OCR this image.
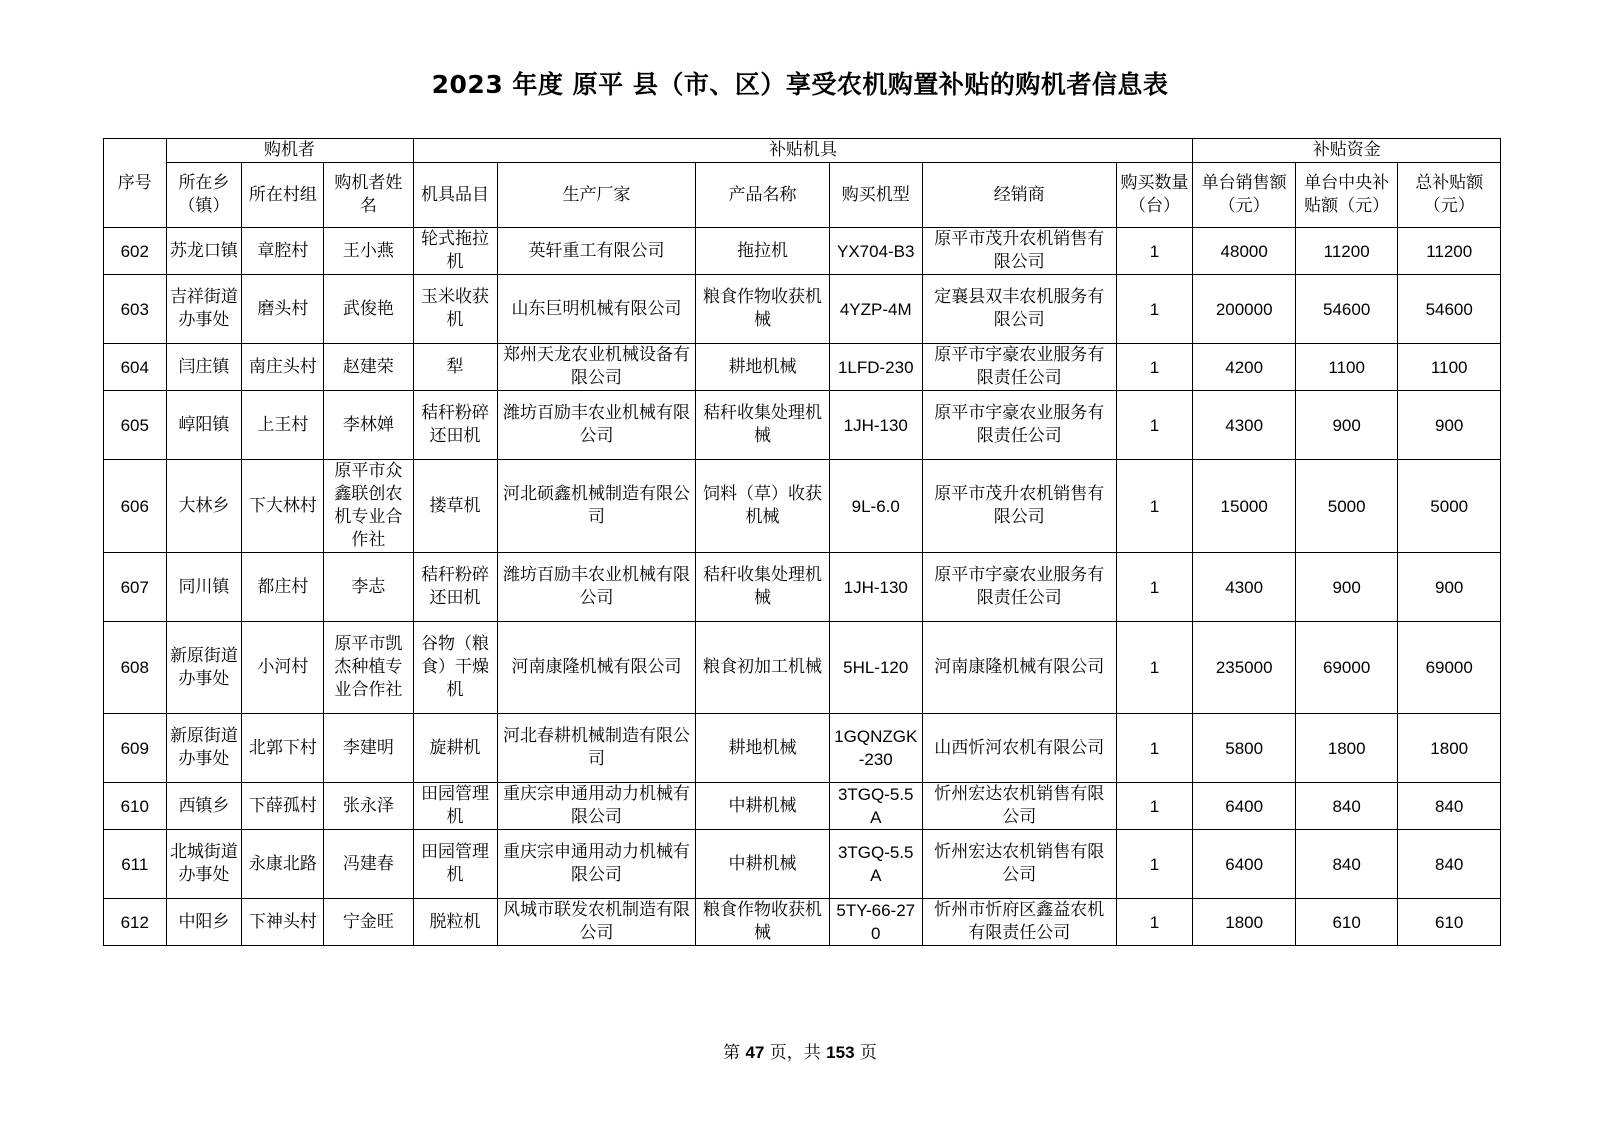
2023 年度 原平 县（市、区）享受农机购置补贴的购机者信息表
序号	购机者			补贴机具						补贴资金		
	所在乡（镇）	所在村组	购机者姓名	机具品目	生产厂家	产品名称	购买机型	经销商	购买数量（台）	单台销售额（元）	单台中央补贴额（元）	总补贴额（元）
602	苏龙口镇	章腔村	王小燕	轮式拖拉机	英轩重工有限公司	拖拉机	YX704-B3	原平市茂升农机销售有限公司	1	48000	11200	11200
603	吉祥街道办事处	磨头村	武俊艳	玉米收获机	山东巨明机械有限公司	粮食作物收获机械	4YZP-4M	定襄县双丰农机服务有限公司	1	200000	54600	54600
604	闫庄镇	南庄头村	赵建荣	犁	郑州天龙农业机械设备有限公司	耕地机械	1LFD-230	原平市宇豪农业服务有限责任公司	1	4200	1100	1100
605	崞阳镇	上王村	李林婵	秸秆粉碎还田机	潍坊百励丰农业机械有限公司	秸秆收集处理机械	1JH-130	原平市宇豪农业服务有限责任公司	1	4300	900	900
606	大林乡	下大林村	原平市众鑫联创农机专业合作社	搂草机	河北硕鑫机械制造有限公司	饲料（草）收获机械	9L-6.0	原平市茂升农机销售有限公司	1	15000	5000	5000
607	同川镇	都庄村	李志	秸秆粉碎还田机	潍坊百励丰农业机械有限公司	秸秆收集处理机械	1JH-130	原平市宇豪农业服务有限责任公司	1	4300	900	900
608	新原街道办事处	小河村	原平市凯杰种植专业合作社	谷物（粮食）干燥机	河南康隆机械有限公司	粮食初加工机械	5HL-120	河南康隆机械有限公司	1	235000	69000	69000
609	新原街道办事处	北郭下村	李建明	旋耕机	河北春耕机械制造有限公司	耕地机械	1GQNZGK-230	山西忻河农机有限公司	1	5800	1800	1800
610	西镇乡	下薛孤村	张永泽	田园管理机	重庆宗申通用动力机械有限公司	中耕机械	3TGQ-5.5A	忻州宏达农机销售有限公司	1	6400	840	840
611	北城街道办事处	永康北路	冯建春	田园管理机	重庆宗申通用动力机械有限公司	中耕机械	3TGQ-5.5A	忻州宏达农机销售有限公司	1	6400	840	840
612	中阳乡	下神头村	宁金旺	脱粒机	风城市联发农机制造有限公司	粮食作物收获机械	5TY-66-270	忻州市忻府区鑫益农机有限责任公司	1	1800	610	610
第 47 页，共 153 页
